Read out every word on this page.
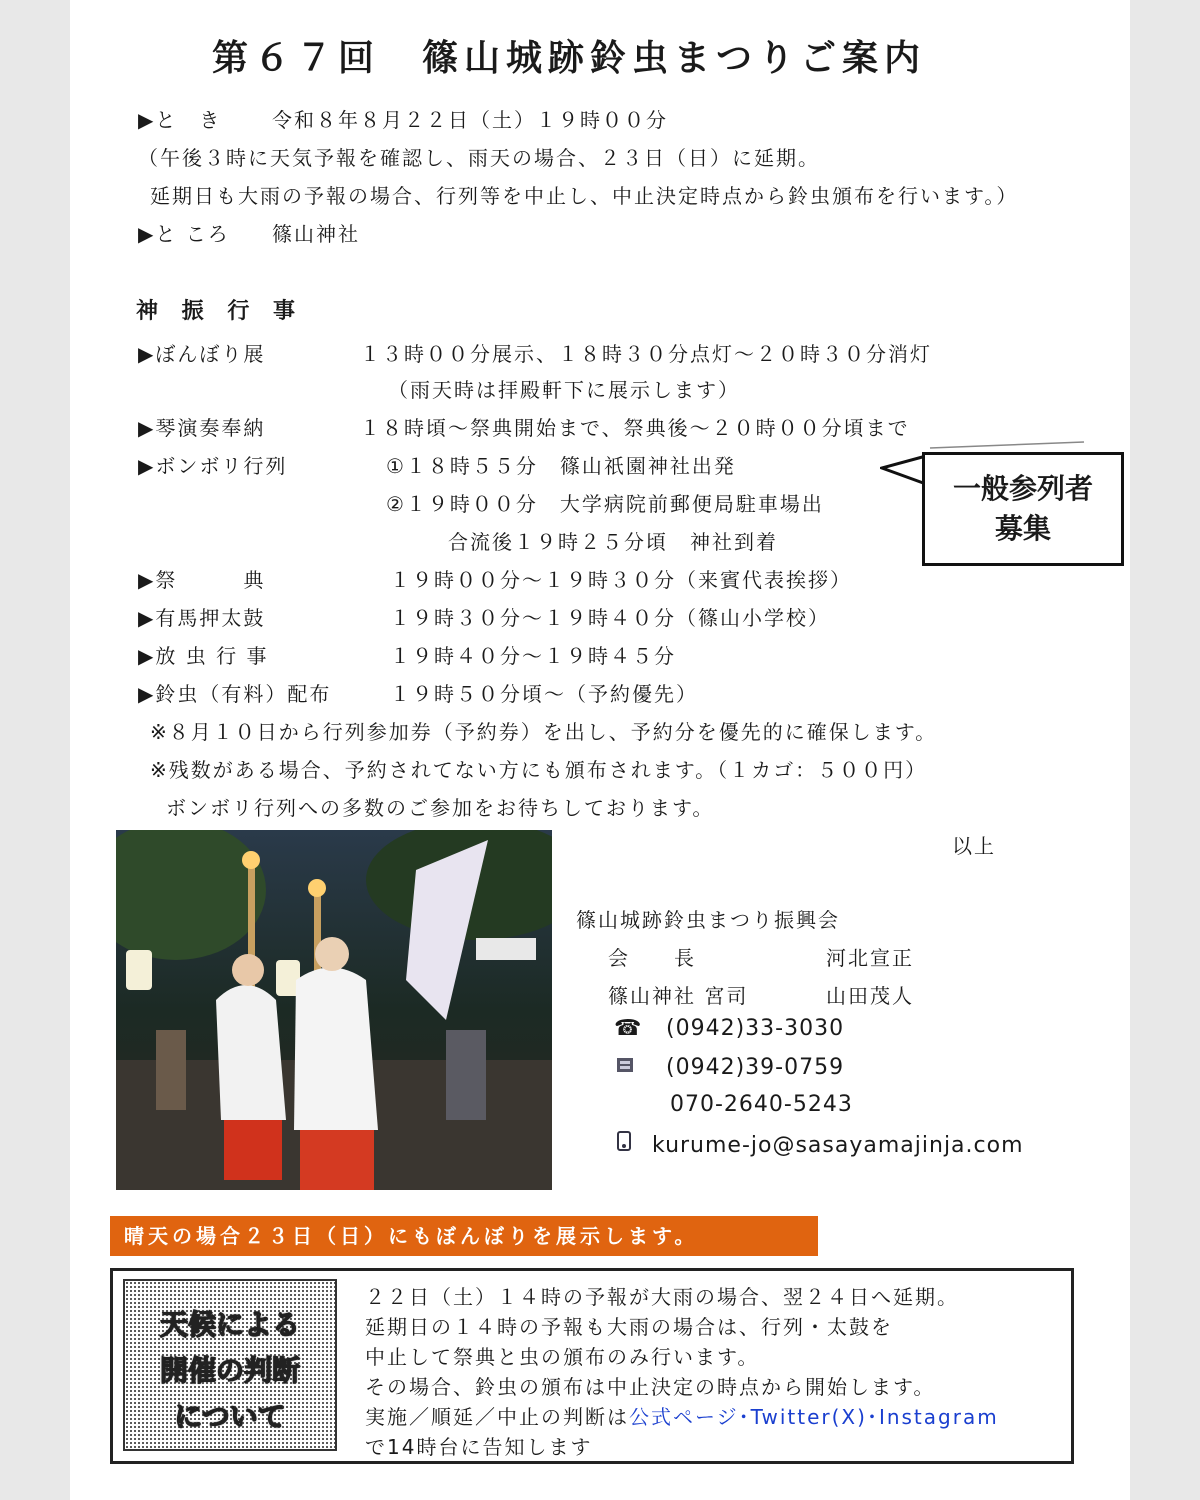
第６７回　篠山城跡鈴虫まつりご案内
▶と　き	令和８年８月２２日（土）１９時００分
（午後３時に天気予報を確認し、雨天の場合、２３日（日）に延期。
延期日も大雨の予報の場合、行列等を中止し、中止決定時点から鈴虫頒布を行います。）
▶と ころ 篠山神社
神 振 行 事
▶ぼんぼり展	１３時００分展示、１８時３０分点灯～２０時３０分消灯
（雨天時は拝殿軒下に展示します）
▶琴演奏奉納	１８時頃～祭典開始まで、祭典後～２０時００分頃まで
▶ボンボリ行列	①１８時５５分　篠山祇園神社出発
②１９時００分　大学病院前郵便局駐車場出
合流後１９時２５分頃　神社到着
▶祭　　　典	１９時００分～１９時３０分（来賓代表挨拶）
▶有馬押太鼓	１９時３０分～１９時４０分（篠山小学校）
▶放 虫 行 事	１９時４０分～１９時４５分
▶鈴虫（有料）配布	１９時５０分頃～（予約優先）
※８月１０日から行列参加券（予約券）を出し、予約分を優先的に確保します。
※残数がある場合、予約されてない方にも頒布されます。（１カゴ：５００円）
ボンボリ行列への多数のご参加をお待ちしております。
一般参列者
募集
以上
篠山城跡鈴虫まつり振興会
会　　長	河北宣正
篠山神社 宮司	山田茂人
☎ (0942)33-3030
(0942)39-0759
070-2640-5243
kurume-jo@sasayamajinja.com
晴天の場合２３日（日）にもぼんぼりを展示します。
天候による
開催の判断
について
２２日（土）１４時の予報が大雨の場合、翌２４日へ延期。
延期日の１４時の予報も大雨の場合は、行列・太鼓を
中止して祭典と虫の頒布のみ行います。
その場合、鈴虫の頒布は中止決定の時点から開始します。
実施／順延／中止の判断は公式ページ･Twitter(X)･Instagram
で14時台に告知します
